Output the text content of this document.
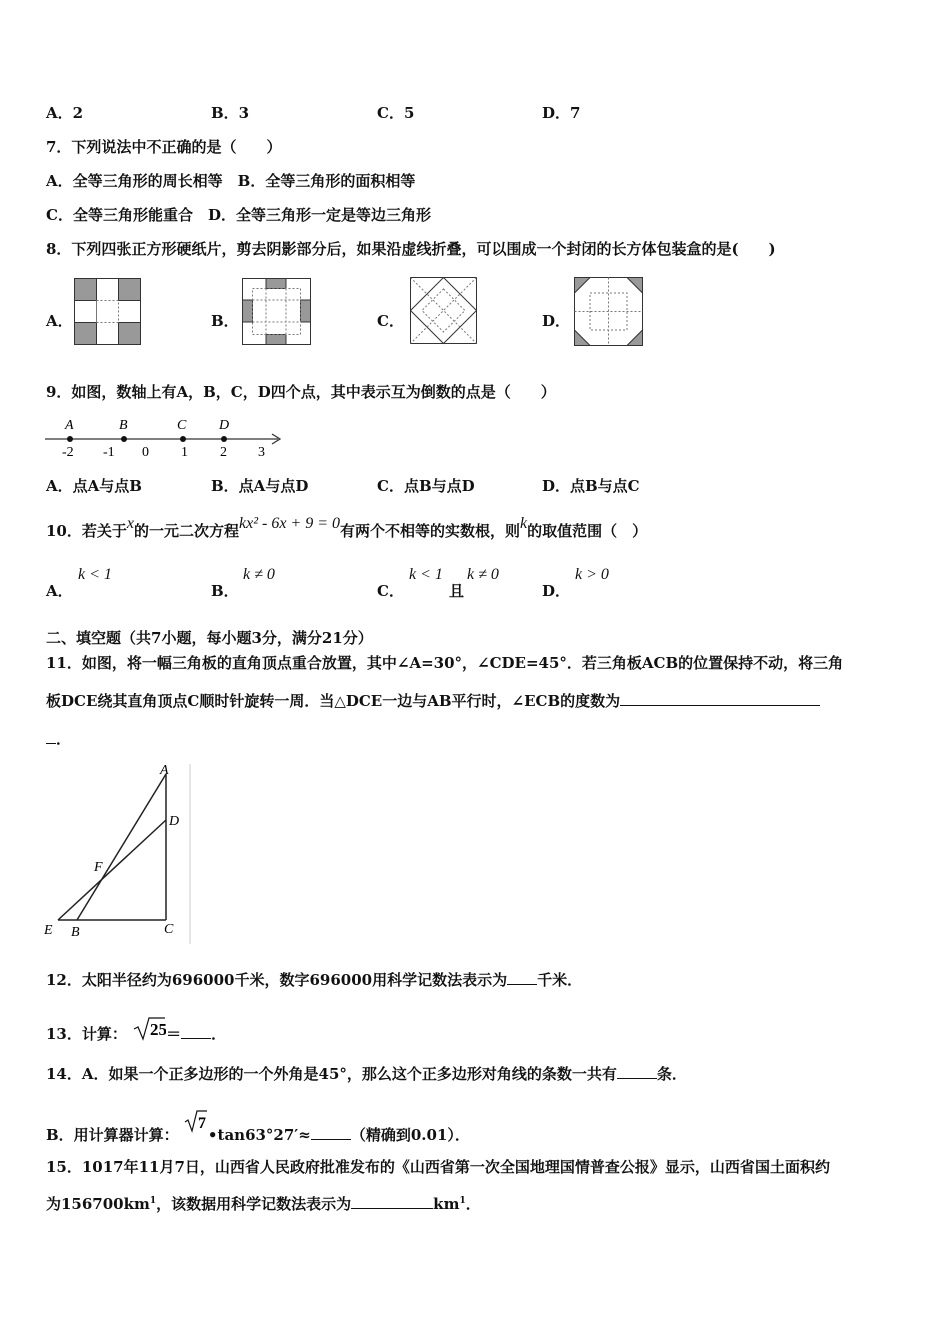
A．2	B．3	C．5	D．7
7．下列说法中不正确的是（　　）
A．全等三角形的周长相等　B．全等三角形的面积相等
C．全等三角形能重合　D．全等三角形一定是等边三角形
8．下列四张正方形硬纸片，剪去阴影部分后，如果沿虚线折叠，可以围成一个封闭的长方体包装盒的是(　　)
A．	B．	C．	D．
9．如图，数轴上有A，B，C，D四个点，其中表示互为倒数的点是（　　）
A	B	C D
-2 -1 0 1 2 3
A．点A与点B	B．点A与点D	C．点B与点D	D．点B与点C
10．若关于x的一元二次方程kx² - 6x + 9 = 0有两个不相等的实数根，则k的取值范围（　）
A．
k < 1
B．
k ≠ 0
C．
k < 1
且
k ≠ 0
D．
k > 0
二、填空题（共7小题，每小题3分，满分21分）
11．如图，将一幅三角板的直角顶点重合放置，其中∠A=30°，∠CDE=45°．若三角板ACB的位置保持不动，将三角
板DCE绕其直角顶点C顺时针旋转一周．当△DCE一边与AB平行时，∠ECB的度数为
．
A
D
F
E B	C
12．太阳半径约为696000千米，数字696000用科学记数法表示为 千米．
13．计算： 25 ＝ ．
14．A．如果一个正多边形的一个外角是45°，那么这个正多边形对角线的条数一共有	条．
B．用计算器计算：
7
•tan63°27′≈	（精确到0.01）．
15．1017年11月7日，山西省人民政府批准发布的《山西省第一次全国地理国情普查公报》显示，山西省国土面积约
为$156700km^1$，该数据用科学记数法表示为	$km^1$．
